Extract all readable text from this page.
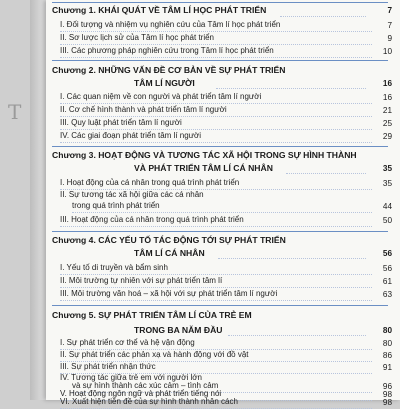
T
Chương 1. KHÁI QUÁT VỀ TÂM LÍ HỌC PHÁT TRIỂN	7
I. Đối tượng và nhiệm vụ nghiên cứu của Tâm lí học phát triển	7
II. Sơ lược lịch sử của Tâm lí học phát triển	9
III. Các phương pháp nghiên cứu trong Tâm lí học phát triển	10
Chương 2. NHỮNG VẤN ĐỀ CƠ BẢN VỀ SỰ PHÁT TRIỂN
TÂM LÍ NGƯỜI	16
I. Các quan niệm về con người và phát triển tâm lí người	16
II. Cơ chế hình thành và phát triển tâm lí người	21
III. Quy luật phát triển tâm lí người	25
IV. Các giai đoạn phát triển tâm lí người	29
Chương 3. HOẠT ĐỘNG VÀ TƯƠNG TÁC XÃ HỘI TRONG SỰ HÌNH THÀNH
VÀ PHÁT TRIỂN TÂM LÍ CÁ NHÂN	35
I. Hoạt động của cá nhân trong quá trình phát triển	35
II. Sự tương tác xã hội giữa các cá nhân
trong quá trình phát triển	44
III. Hoạt động của cá nhân trong quá trình phát triển	50
Chương 4. CÁC YẾU TỐ TÁC ĐỘNG TỚI SỰ PHÁT TRIỂN
TÂM LÍ CÁ NHÂN	56
I. Yếu tố di truyền và bẩm sinh	56
II. Môi trường tự nhiên với sự phát triển tâm lí	61
III. Môi trường văn hoá – xã hội với sự phát triển tâm lí người	63
Chương 5. SỰ PHÁT TRIỂN TÂM LÍ CỦA TRẺ EM
TRONG BA NĂM ĐẦU	80
I. Sự phát triển cơ thể và hệ vận động	80
II. Sự phát triển các phản xạ và hành động với đồ vật	86
III. Sự phát triển nhận thức	91
IV. Tương tác giữa trẻ em với người lớn
và sự hình thành các xúc cảm – tình cảm	96
V. Hoạt động ngôn ngữ và phát triển tiếng nói	98
VI. Xuất hiện tiền đề của sự hình thành nhân cách	98
